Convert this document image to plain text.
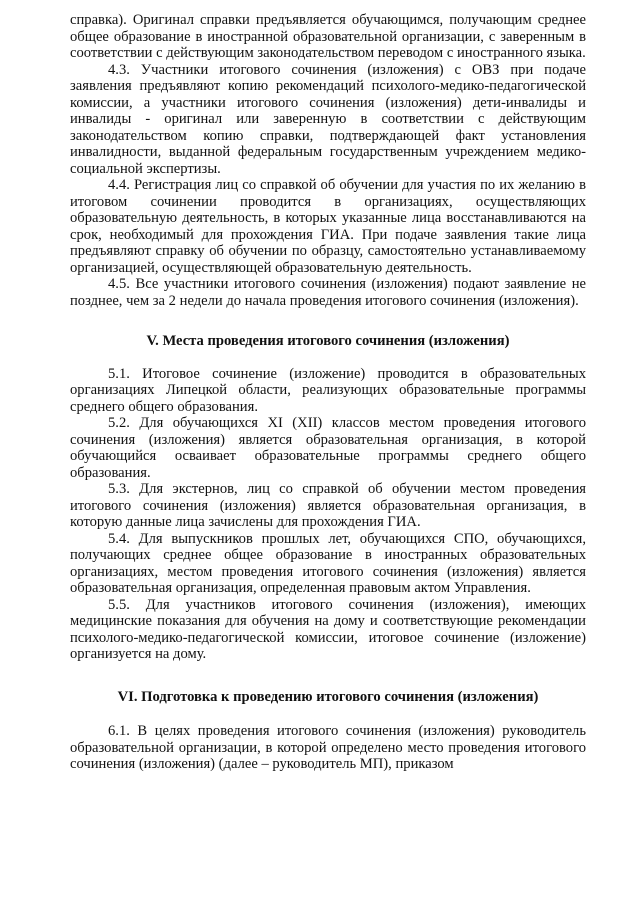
справка). Оригинал справки предъявляется обучающимся, получающим среднее общее образование в иностранной образовательной организации, с заверенным в соответствии с действующим законодательством переводом с иностранного языка.

4.3. Участники итогового сочинения (изложения) с ОВЗ при подаче заявления предъявляют копию рекомендаций психолого-медико-педагогической комиссии, а участники итогового сочинения (изложения) дети-инвалиды и инвалиды - оригинал или заверенную в соответствии с действующим законодательством копию справки, подтверждающей факт установления инвалидности, выданной федеральным государственным учреждением медико-социальной экспертизы.

4.4. Регистрация лиц со справкой об обучении для участия по их желанию в итоговом сочинении проводится в организациях, осуществляющих образовательную деятельность, в которых указанные лица восстанавливаются на срок, необходимый для прохождения ГИА. При подаче заявления такие лица предъявляют справку об обучении по образцу, самостоятельно устанавливаемому организацией, осуществляющей образовательную деятельность.

4.5. Все участники итогового сочинения (изложения) подают заявление не позднее, чем за 2 недели до начала проведения итогового сочинения (изложения).

V. Места проведения итогового сочинения (изложения)

5.1. Итоговое сочинение (изложение) проводится в образовательных организациях Липецкой области, реализующих образовательные программы среднего общего образования.

5.2. Для обучающихся XI (XII) классов местом проведения итогового сочинения (изложения) является образовательная организация, в которой обучающийся осваивает образовательные программы среднего общего образования.

5.3. Для экстернов, лиц со справкой об обучении местом проведения итогового сочинения (изложения) является образовательная организация, в которую данные лица зачислены для прохождения ГИА.

5.4. Для выпускников прошлых лет, обучающихся СПО, обучающихся, получающих среднее общее образование в иностранных образовательных организациях, местом проведения итогового сочинения (изложения) является образовательная организация, определенная правовым актом Управления.

5.5. Для участников итогового сочинения (изложения), имеющих медицинские показания для обучения на дому и соответствующие рекомендации психолого-медико-педагогической комиссии, итоговое сочинение (изложение) организуется на дому.

VI. Подготовка к проведению итогового сочинения (изложения)

6.1. В целях проведения итогового сочинения (изложения) руководитель образовательной организации, в которой определено место проведения итогового сочинения (изложения) (далее – руководитель МП), приказом
